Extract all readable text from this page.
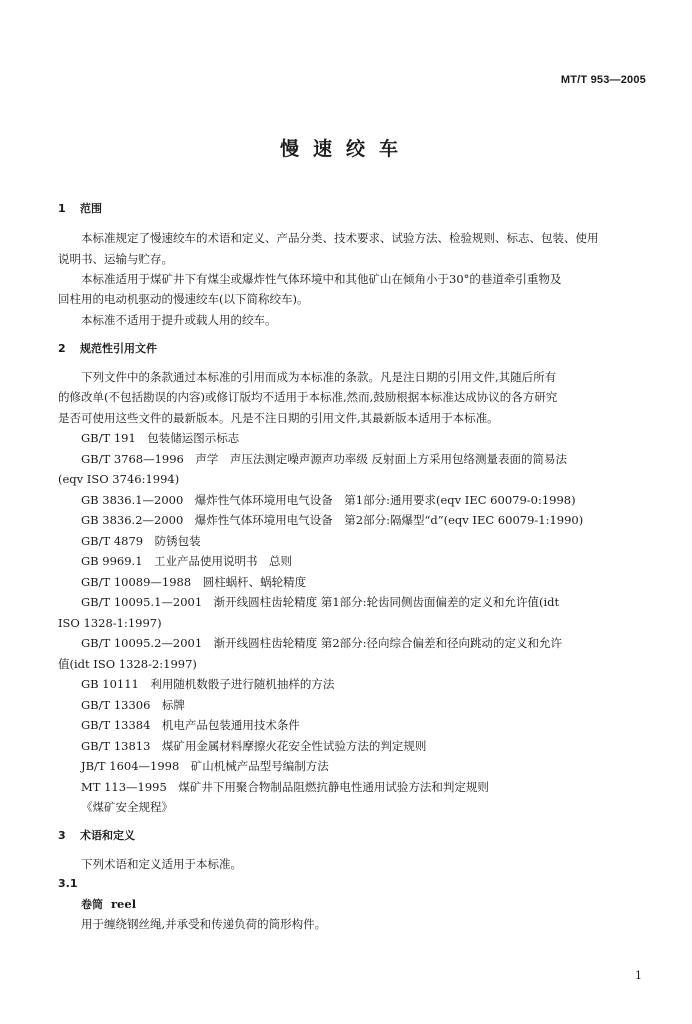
MT/T 953—2005
慢速绞车
1 范围
本标准规定了慢速绞车的术语和定义、产品分类、技术要求、试验方法、检验规则、标志、包装、使用
说明书、运输与贮存。
本标准适用于煤矿井下有煤尘或爆炸性气体环境中和其他矿山在倾角小于30°的巷道牵引重物及
回柱用的电动机驱动的慢速绞车(以下简称绞车)。
本标准不适用于提升或载人用的绞车。
2 规范性引用文件
下列文件中的条款通过本标准的引用而成为本标准的条款。凡是注日期的引用文件,其随后所有
的修改单(不包括勘误的内容)或修订版均不适用于本标准,然而,鼓励根据本标准达成协议的各方研究
是否可使用这些文件的最新版本。凡是不注日期的引用文件,其最新版本适用于本标准。
GB/T 191　包装储运图示标志
GB/T 3768—1996　声学　声压法测定噪声源声功率级 反射面上方采用包络测量表面的简易法
(eqv ISO 3746:1994)
GB 3836.1—2000　爆炸性气体环境用电气设备　第1部分:通用要求(eqv IEC 60079-0:1998)
GB 3836.2—2000　爆炸性气体环境用电气设备　第2部分:隔爆型“d”(eqv IEC 60079-1:1990)
GB/T 4879　防锈包装
GB 9969.1　工业产品使用说明书　总则
GB/T 10089—1988　圆柱蜗杆、蜗轮精度
GB/T 10095.1—2001　渐开线圆柱齿轮精度 第1部分:轮齿同侧齿面偏差的定义和允许值(idt
ISO 1328-1:1997)
GB/T 10095.2—2001　渐开线圆柱齿轮精度 第2部分:径向综合偏差和径向跳动的定义和允许
值(idt ISO 1328-2:1997)
GB 10111　利用随机数骰子进行随机抽样的方法
GB/T 13306　标牌
GB/T 13384　机电产品包装通用技术条件
GB/T 13813　煤矿用金属材料摩擦火花安全性试验方法的判定规则
JB/T 1604—1998　矿山机械产品型号编制方法
MT 113—1995　煤矿井下用聚合物制品阻燃抗静电性通用试验方法和判定规则
《煤矿安全规程》
3 术语和定义
下列术语和定义适用于本标准。
3.1
卷筒 reel
用于缠绕钢丝绳,并承受和传递负荷的筒形构件。
1
